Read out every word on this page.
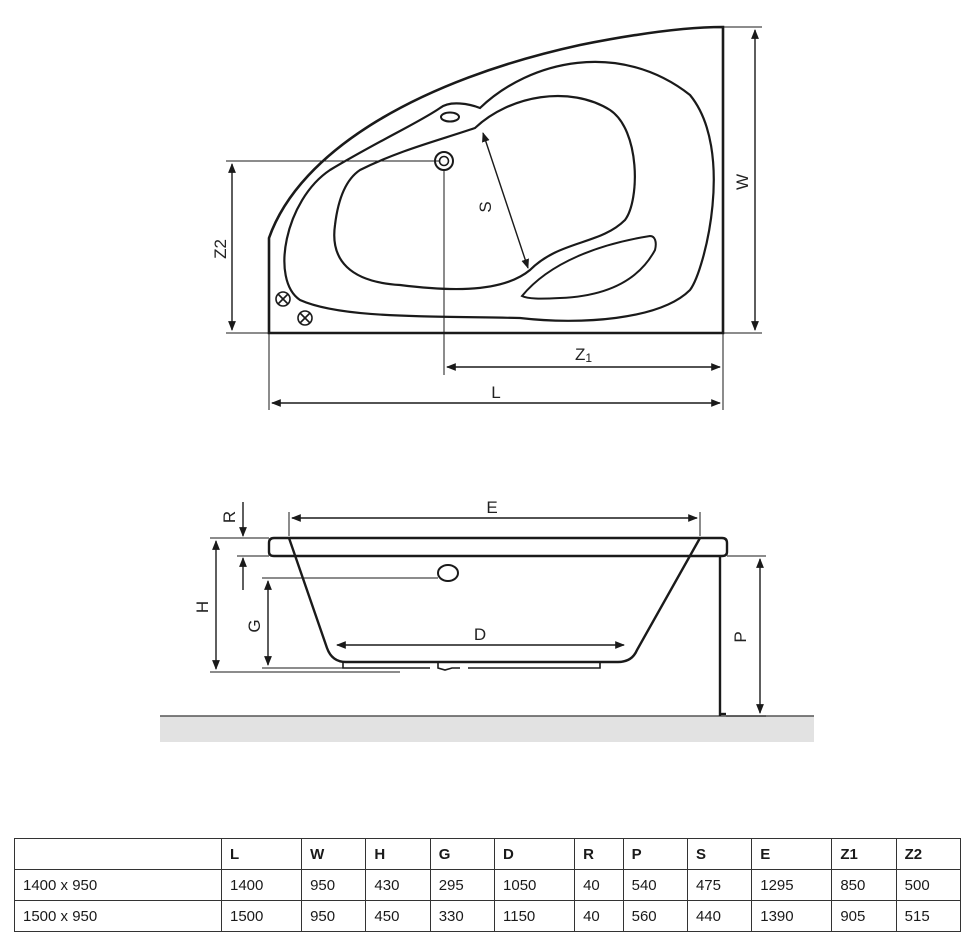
W
Z2
S
Z1
L
E
R
H
G	D	P
	L	W	H	G	D	R	P	S	E	Z1	Z2
1400 x 950	1400	950	430	295	1050	40	540	475	1295	850	500
1500 x 950	1500	950	450	330	1150	40	560	440	1390	905	515
